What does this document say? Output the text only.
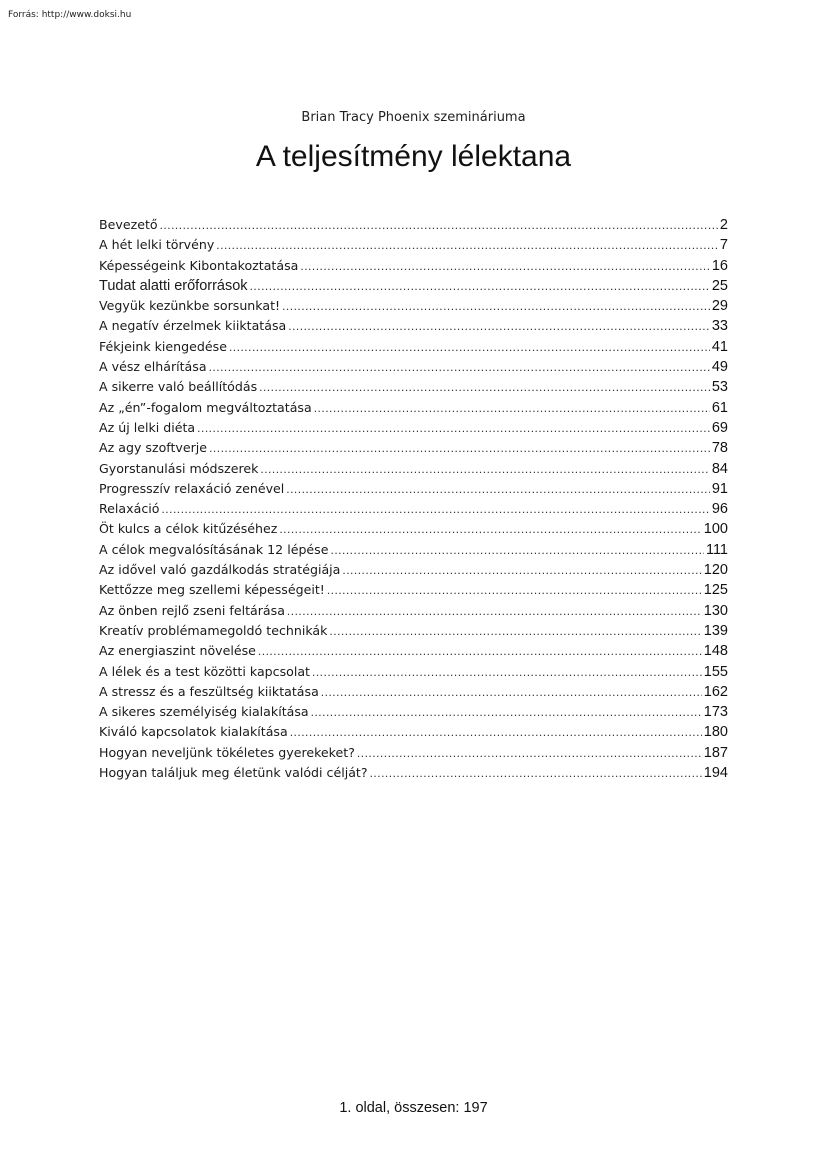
Forrás: http://www.doksi.hu
Brian Tracy Phoenix szemináriuma
A teljesítmény lélektana
Bevezető .....	2
A hét lelki törvény .....	7
Képességeink Kibontakoztatása .....	16
Tudat alatti erőforrások .....	25
Vegyük kezünkbe sorsunkat! .....	29
A negatív érzelmek kiiktatása .....	33
Fékjeink kiengedése .....	41
A vész elhárítása .....	49
A sikerre való beállítódás .....	53
Az „én”-fogalom megváltoztatása .....	61
Az új lelki diéta .....	69
Az agy szoftverje .....	78
Gyorstanulási módszerek .....	84
Progresszív relaxáció zenével .....	91
Relaxáció .....	96
Öt kulcs a célok kitűzéséhez .....	100
A célok megvalósításának 12 lépése .....	111
Az idővel való gazdálkodás stratégiája .....	120
Kettőzze meg szellemi képességeit! .....	125
Az önben rejlő zseni feltárása .....	130
Kreatív problémamegoldó technikák .....	139
Az energiaszint növelése .....	148
A lélek és a test közötti kapcsolat .....	155
A stressz és a feszültség kiiktatása .....	162
A sikeres személyiség kialakítása .....	173
Kiváló kapcsolatok kialakítása .....	180
Hogyan neveljünk tökéletes gyerekeket? .....	187
Hogyan találjuk meg életünk valódi célját? .....	194
1. oldal, összesen: 197
